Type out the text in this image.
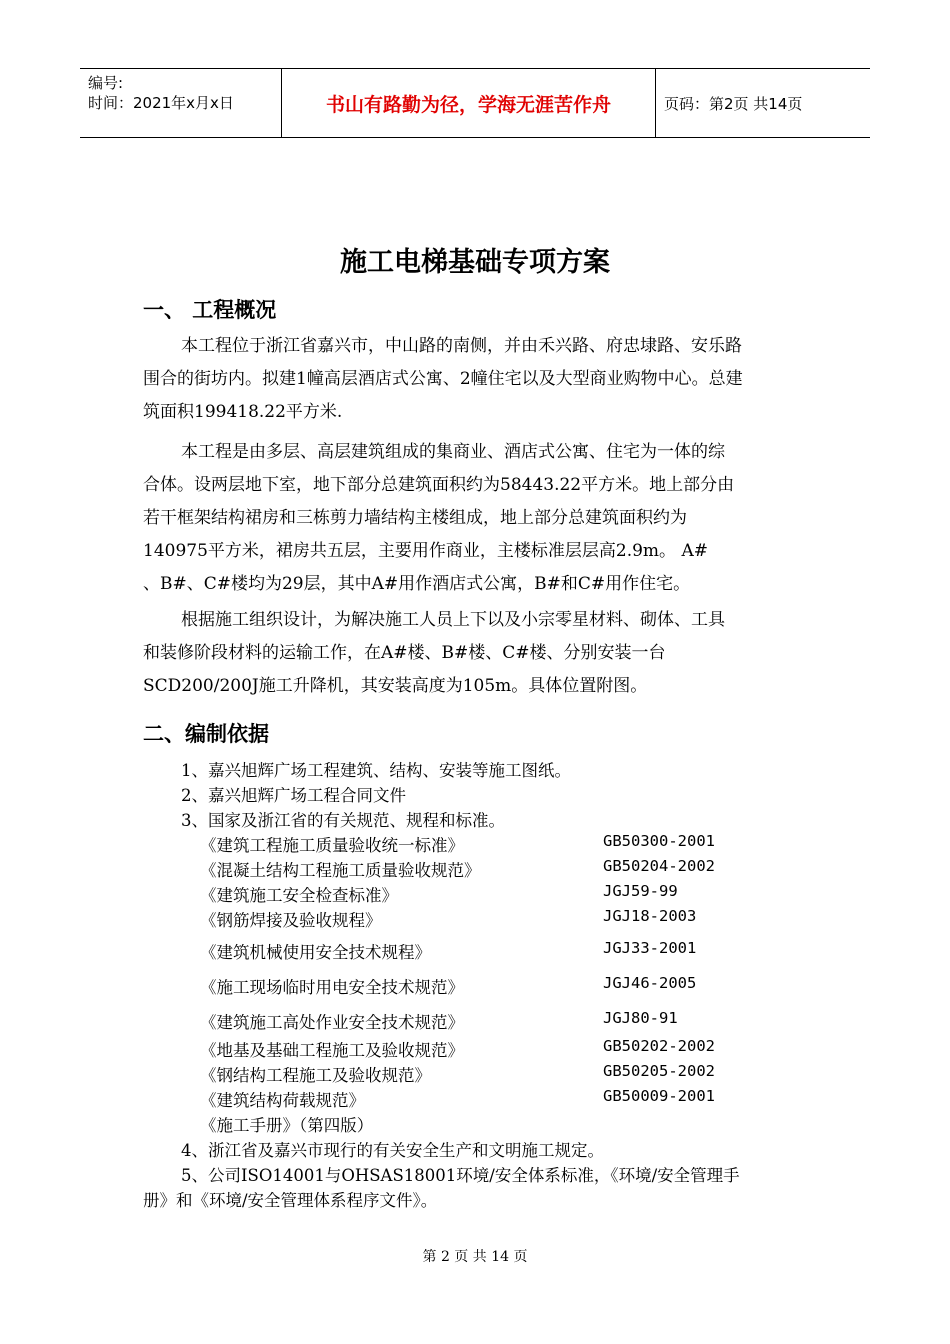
编号:
时间：2021年x月x日	书山有路勤为径，学海无涯苦作舟	页码：第2页 共14页
施工电梯基础专项方案
一、 工程概况
本工程位于浙江省嘉兴市，中山路的南侧，并由禾兴路、府忠埭路、安乐路
围合的街坊内。拟建1幢高层酒店式公寓、2幢住宅以及大型商业购物中心。总建
筑面积199418.22平方米.
本工程是由多层、高层建筑组成的集商业、酒店式公寓、住宅为一体的综
合体。设两层地下室，地下部分总建筑面积约为58443.22平方米。地上部分由
若干框架结构裙房和三栋剪力墙结构主楼组成，地上部分总建筑面积约为
140975平方米，裙房共五层，主要用作商业，主楼标准层层高2.9m。 A#
、B#、C#楼均为29层，其中A#用作酒店式公寓，B#和C#用作住宅。
根据施工组织设计，为解决施工人员上下以及小宗零星材料、砌体、工具
和装修阶段材料的运输工作，在A#楼、B#楼、C#楼、分别安装一台
SCD200/200J施工升降机，其安装高度为105m。具体位置附图。
二、编制依据
1、嘉兴旭辉广场工程建筑、结构、安装等施工图纸。
2、嘉兴旭辉广场工程合同文件
3、国家及浙江省的有关规范、规程和标准。
《建筑工程施工质量验收统一标准》	GB50300-2001
《混凝土结构工程施工质量验收规范》	GB50204-2002
《建筑施工安全检查标准》	JGJ59-99
《钢筋焊接及验收规程》	JGJ18-2003
《建筑机械使用安全技术规程》	JGJ33-2001
《施工现场临时用电安全技术规范》	JGJ46-2005
《建筑施工高处作业安全技术规范》	JGJ80-91
《地基及基础工程施工及验收规范》	GB50202-2002
《钢结构工程施工及验收规范》	GB50205-2002
《建筑结构荷载规范》	GB50009-2001
《施工手册》（第四版）
4、浙江省及嘉兴市现行的有关安全生产和文明施工规定。
5、公司ISO14001与OHSAS18001环境/安全体系标准，《环境/安全管理手
册》和《环境/安全管理体系程序文件》。
第 2 页 共 14 页
